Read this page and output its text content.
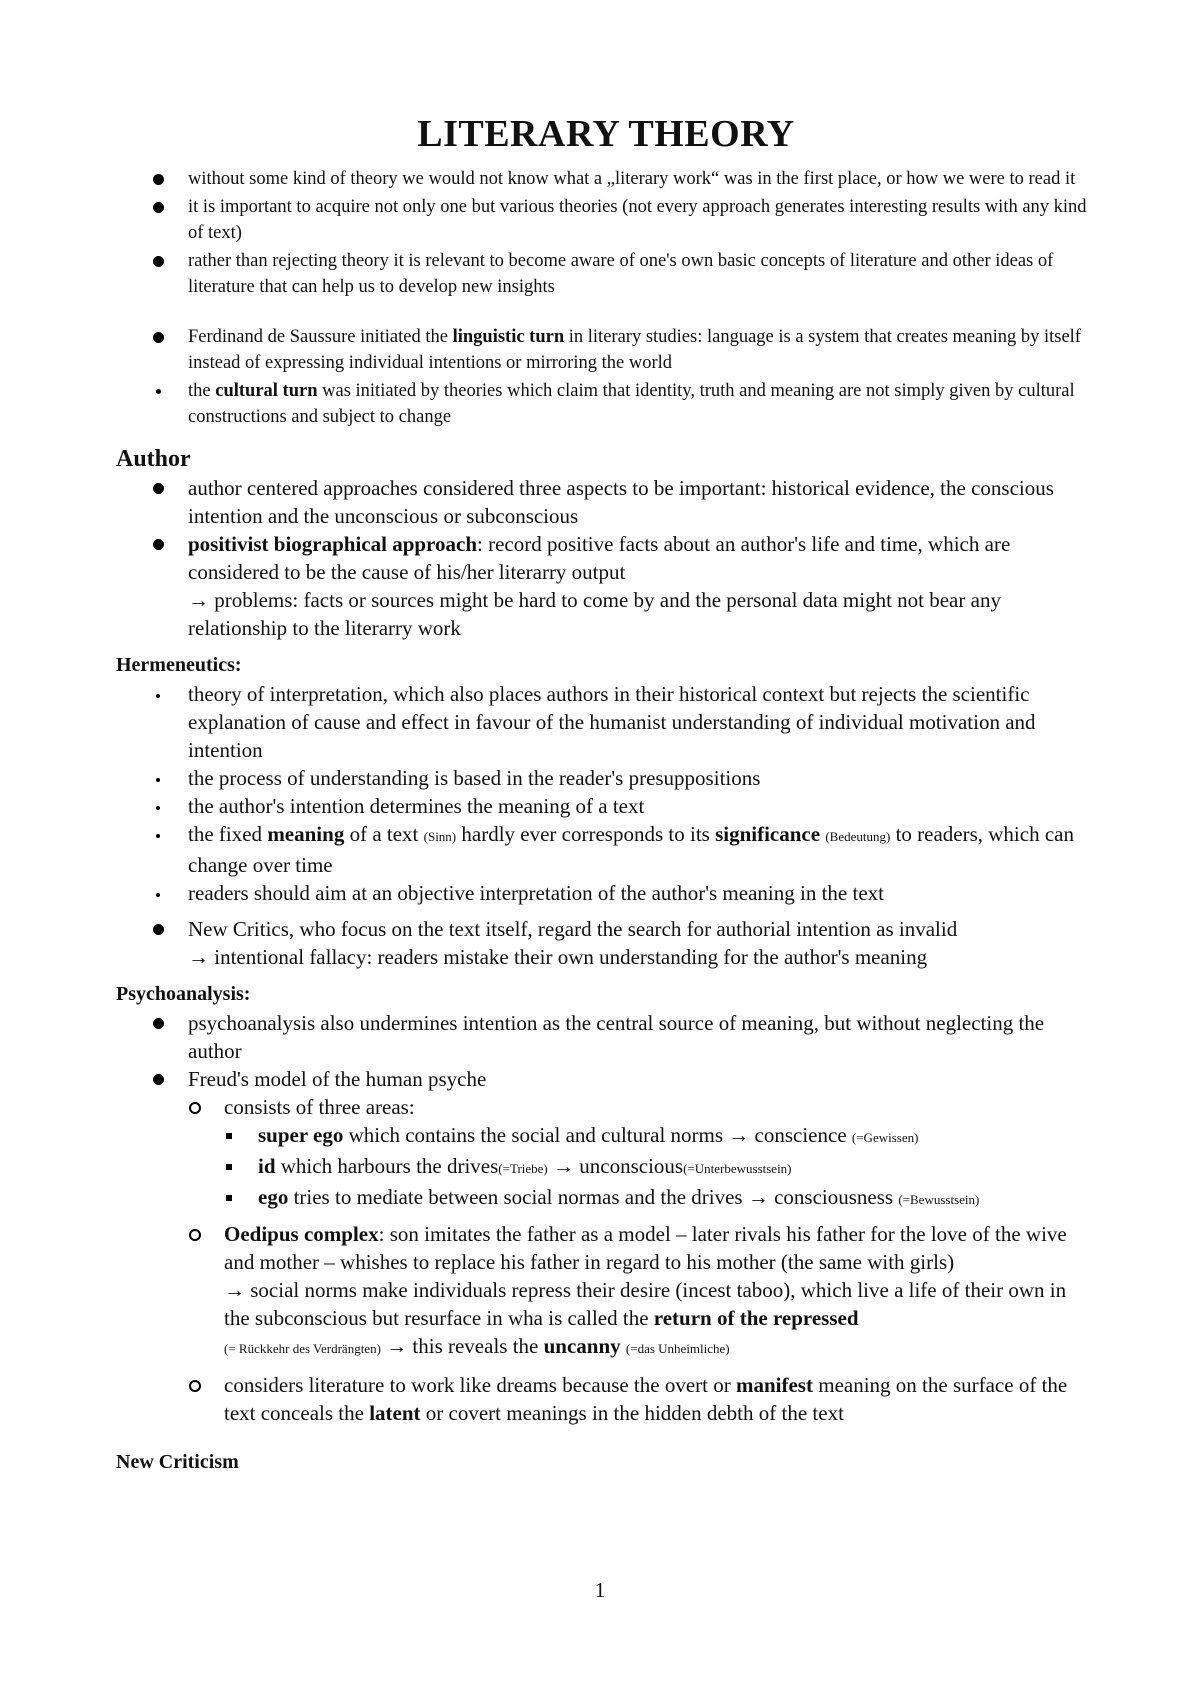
LITERARY THEORY
without some kind of theory we would not know what a „literary work“ was in the first place, or how we were to read it
it is important to acquire not only one but various theories (not every approach generates interesting results with any kind of text)
rather than rejecting theory it is relevant to become aware of one's own basic concepts of literature and other ideas of literature that can help us to develop new insights
Ferdinand de Saussure initiated the linguistic turn in literary studies: language is a system that creates meaning by itself instead of expressing individual intentions or mirroring the world
the cultural turn was initiated by theories which claim that identity, truth and meaning are not simply given by cultural constructions and subject to change
Author
author centered approaches considered three aspects to be important: historical evidence, the conscious intention and the unconscious or subconscious
positivist biographical approach: record positive facts about an author's life and time, which are considered to be the cause of his/her literarry output
→ problems: facts or sources might be hard to come by and the personal data might not bear any relationship to the literarry work
Hermeneutics:
theory of interpretation, which also places authors in their historical context but rejects the scientific explanation of cause and effect in favour of the humanist understanding of individual motivation and intention
the process of understanding is based in the reader's presuppositions
the author's intention determines the meaning of a text
the fixed meaning of a text (Sinn) hardly ever corresponds to its significance (Bedeutung) to readers, which can change over time
readers should aim at an objective interpretation of the author's meaning in the text
New Critics, who focus on the text itself, regard the search for authorial intention as invalid
→ intentional fallacy: readers mistake their own understanding for the author's meaning
Psychoanalysis:
psychoanalysis also undermines intention as the central source of meaning, but without neglecting the author
Freud's model of the human psyche
consists of three areas:
super ego which contains the social and cultural norms → conscience (=Gewissen)
id which harbours the drives(=Triebe) → unconscious(=Unterbewusstsein)
ego tries to mediate between social normas and the drives → consciousness (=Bewusstsein)
Oedipus complex: son imitates the father as a model – later rivals his father for the love of the wive and mother – whishes to replace his father in regard to his mother (the same with girls)
→ social norms make individuals repress their desire (incest taboo), which live a life of their own in the subconscious but resurface in wha is called the return of the repressed
(= Rückkehr des Verdrängten) → this reveals the uncanny (=das Unheimliche)
considers literature to work like dreams because the overt or manifest meaning on the surface of the text conceals the latent or covert meanings in the hidden debth of the text
New Criticism
1
